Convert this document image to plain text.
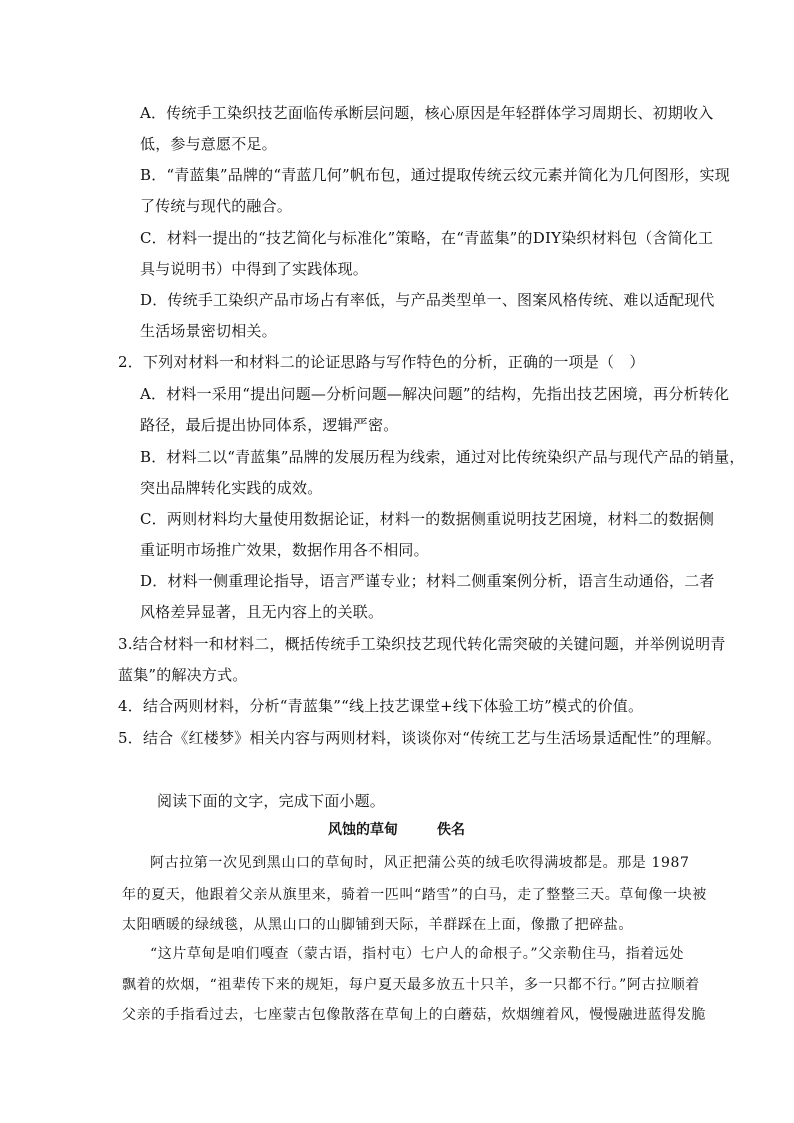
A．传统手工染织技艺面临传承断层问题，核心原因是年轻群体学习周期长、初期收入
低，参与意愿不足。
B．“青蓝集”品牌的“青蓝几何”帆布包，通过提取传统云纹元素并简化为几何图形，实现
了传统与现代的融合。
C．材料一提出的“技艺简化与标准化”策略，在“青蓝集”的DIY染织材料包（含简化工
具与说明书）中得到了实践体现。
D．传统手工染织产品市场占有率低，与产品类型单一、图案风格传统、难以适配现代
生活场景密切相关。
2．下列对材料一和材料二的论证思路与写作特色的分析，正确的一项是（　）
A．材料一采用“提出问题—分析问题—解决问题”的结构，先指出技艺困境，再分析转化
路径，最后提出协同体系，逻辑严密。
B．材料二以“青蓝集”品牌的发展历程为线索，通过对比传统染织产品与现代产品的销量，
突出品牌转化实践的成效。
C．两则材料均大量使用数据论证，材料一的数据侧重说明技艺困境，材料二的数据侧
重证明市场推广效果，数据作用各不相同。
D．材料一侧重理论指导，语言严谨专业；材料二侧重案例分析，语言生动通俗，二者
风格差异显著，且无内容上的关联。
3.结合材料一和材料二，概括传统手工染织技艺现代转化需突破的关键问题，并举例说明青
蓝集”的解决方式。
4．结合两则材料，分析“青蓝集”“线上技艺课堂+线下体验工坊”模式的价值。
5．结合《红楼梦》相关内容与两则材料，谈谈你对“传统工艺与生活场景适配性”的理解。
阅读下面的文字，完成下面小题。
风蚀的草甸	佚名
阿古拉第一次见到黑山口的草甸时，风正把蒲公英的绒毛吹得满坡都是。那是 1987
年的夏天，他跟着父亲从旗里来，骑着一匹叫“踏雪”的白马，走了整整三天。草甸像一块被
太阳晒暖的绿绒毯，从黑山口的山脚铺到天际，羊群踩在上面，像撒了把碎盐。
“这片草甸是咱们嘎查（蒙古语，指村屯）七户人的命根子。”父亲勒住马，指着远处
飘着的炊烟，“祖辈传下来的规矩，每户夏天最多放五十只羊，多一只都不行。”阿古拉顺着
父亲的手指看过去，七座蒙古包像散落在草甸上的白蘑菇，炊烟缠着风，慢慢融进蓝得发脆
